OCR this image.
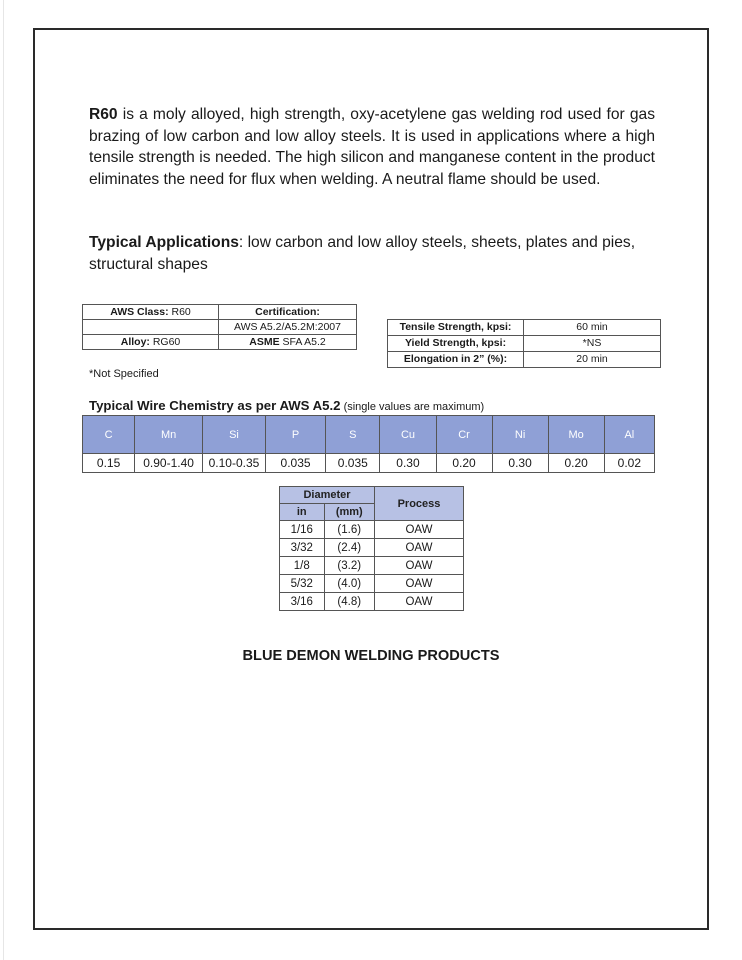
R60 is a moly alloyed, high strength, oxy-acetylene gas welding rod used for gas brazing of low carbon and low alloy steels. It is used in applications where a high tensile strength is needed. The high silicon and manganese content in the product eliminates the need for flux when welding. A neutral flame should be used.

Typical Applications: low carbon and low alloy steels, sheets, plates and pies, structural shapes

AWS Class: R60	Certification:
	AWS A5.2/A5.2M:2007
Alloy: RG60	ASME SFA A5.2
Tensile Strength, kpsi:	60 min
Yield Strength, kpsi:	*NS
Elongation in 2” (%):	20 min
*Not Specified
Typical Wire Chemistry as per AWS A5.2 (single values are maximum)
C	Mn	Si	P	S	Cu	Cr	Ni	Mo	Al
0.15	0.90-1.40	0.10-0.35	0.035	0.035	0.30	0.20	0.30	0.20	0.02
Diameter		Process
in	(mm)	
1/16	(1.6)	OAW
3/32	(2.4)	OAW
1/8	(3.2)	OAW
5/32	(4.0)	OAW
3/16	(4.8)	OAW
BLUE DEMON WELDING PRODUCTS
